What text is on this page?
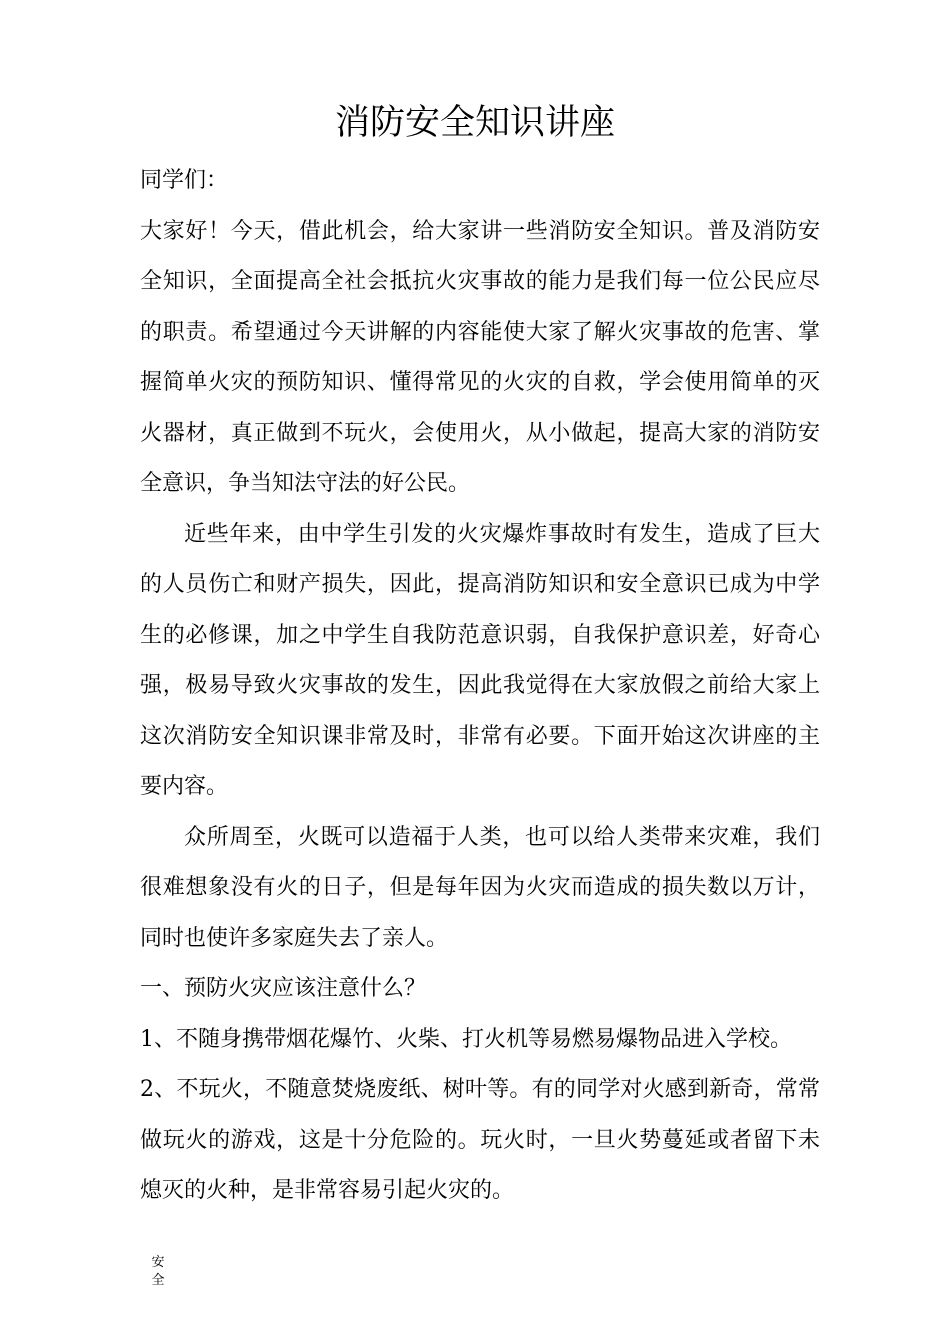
消防安全知识讲座

同学们：

大家好！今天，借此机会，给大家讲一些消防安全知识。普及消防安全知识，全面提高全社会抵抗火灾事故的能力是我们每一位公民应尽的职责。希望通过今天讲解的内容能使大家了解火灾事故的危害、掌握简单火灾的预防知识、懂得常见的火灾的自救，学会使用简单的灭火器材，真正做到不玩火，会使用火，从小做起，提高大家的消防安全意识，争当知法守法的好公民。

近些年来，由中学生引发的火灾爆炸事故时有发生，造成了巨大的人员伤亡和财产损失，因此，提高消防知识和安全意识已成为中学生的必修课，加之中学生自我防范意识弱，自我保护意识差，好奇心强，极易导致火灾事故的发生，因此我觉得在大家放假之前给大家上这次消防安全知识课非常及时，非常有必要。下面开始这次讲座的主要内容。

众所周至，火既可以造福于人类，也可以给人类带来灾难，我们很难想象没有火的日子，但是每年因为火灾而造成的损失数以万计，同时也使许多家庭失去了亲人。

一、预防火灾应该注意什么？

1、不随身携带烟花爆竹、火柴、打火机等易燃易爆物品进入学校。

2、不玩火，不随意焚烧废纸、树叶等。有的同学对火感到新奇，常常做玩火的游戏，这是十分危险的。玩火时，一旦火势蔓延或者留下未熄灭的火种，是非常容易引起火灾的。

安全
